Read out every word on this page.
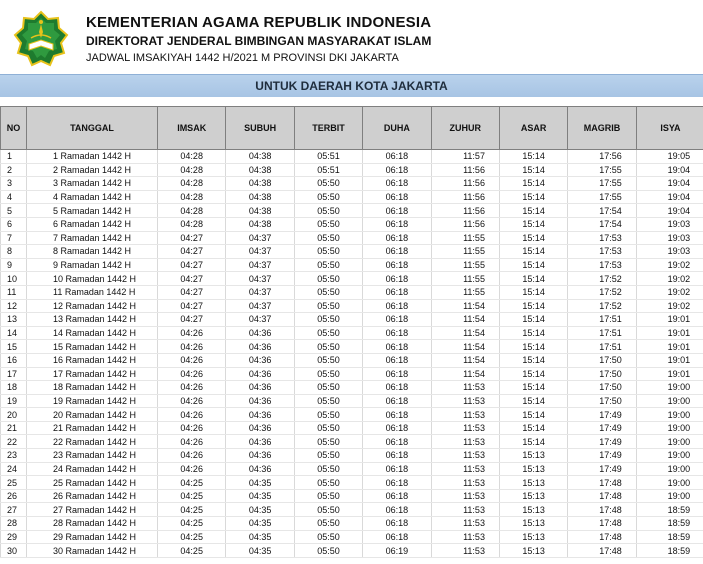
KEMENTERIAN AGAMA REPUBLIK INDONESIA
DIREKTORAT JENDERAL BIMBINGAN MASYARAKAT ISLAM
JADWAL IMSAKIYAH 1442 H/2021 M PROVINSI DKI JAKARTA
UNTUK DAERAH KOTA JAKARTA
NO	TANGGAL	IMSAK	SUBUH	TERBIT	DUHA	ZUHUR	ASAR	MAGRIB	ISYA
1	1 Ramadan 1442 H	04:28	04:38	05:51	06:18	11:57	15:14	17:56	19:05
2	2 Ramadan 1442 H	04:28	04:38	05:51	06:18	11:56	15:14	17:55	19:04
3	3 Ramadan 1442 H	04:28	04:38	05:50	06:18	11:56	15:14	17:55	19:04
4	4 Ramadan 1442 H	04:28	04:38	05:50	06:18	11:56	15:14	17:55	19:04
5	5 Ramadan 1442 H	04:28	04:38	05:50	06:18	11:56	15:14	17:54	19:04
6	6 Ramadan 1442 H	04:28	04:38	05:50	06:18	11:56	15:14	17:54	19:03
7	7 Ramadan 1442 H	04:27	04:37	05:50	06:18	11:55	15:14	17:53	19:03
8	8 Ramadan 1442 H	04:27	04:37	05:50	06:18	11:55	15:14	17:53	19:03
9	9 Ramadan 1442 H	04:27	04:37	05:50	06:18	11:55	15:14	17:53	19:02
10	10 Ramadan 1442 H	04:27	04:37	05:50	06:18	11:55	15:14	17:52	19:02
11	11 Ramadan 1442 H	04:27	04:37	05:50	06:18	11:55	15:14	17:52	19:02
12	12 Ramadan 1442 H	04:27	04:37	05:50	06:18	11:54	15:14	17:52	19:02
13	13 Ramadan 1442 H	04:27	04:37	05:50	06:18	11:54	15:14	17:51	19:01
14	14 Ramadan 1442 H	04:26	04:36	05:50	06:18	11:54	15:14	17:51	19:01
15	15 Ramadan 1442 H	04:26	04:36	05:50	06:18	11:54	15:14	17:51	19:01
16	16 Ramadan 1442 H	04:26	04:36	05:50	06:18	11:54	15:14	17:50	19:01
17	17 Ramadan 1442 H	04:26	04:36	05:50	06:18	11:54	15:14	17:50	19:01
18	18 Ramadan 1442 H	04:26	04:36	05:50	06:18	11:53	15:14	17:50	19:00
19	19 Ramadan 1442 H	04:26	04:36	05:50	06:18	11:53	15:14	17:50	19:00
20	20 Ramadan 1442 H	04:26	04:36	05:50	06:18	11:53	15:14	17:49	19:00
21	21 Ramadan 1442 H	04:26	04:36	05:50	06:18	11:53	15:14	17:49	19:00
22	22 Ramadan 1442 H	04:26	04:36	05:50	06:18	11:53	15:14	17:49	19:00
23	23 Ramadan 1442 H	04:26	04:36	05:50	06:18	11:53	15:13	17:49	19:00
24	24 Ramadan 1442 H	04:26	04:36	05:50	06:18	11:53	15:13	17:49	19:00
25	25 Ramadan 1442 H	04:25	04:35	05:50	06:18	11:53	15:13	17:48	19:00
26	26 Ramadan 1442 H	04:25	04:35	05:50	06:18	11:53	15:13	17:48	19:00
27	27 Ramadan 1442 H	04:25	04:35	05:50	06:18	11:53	15:13	17:48	18:59
28	28 Ramadan 1442 H	04:25	04:35	05:50	06:18	11:53	15:13	17:48	18:59
29	29 Ramadan 1442 H	04:25	04:35	05:50	06:18	11:53	15:13	17:48	18:59
30	30 Ramadan 1442 H	04:25	04:35	05:50	06:19	11:53	15:13	17:48	18:59
